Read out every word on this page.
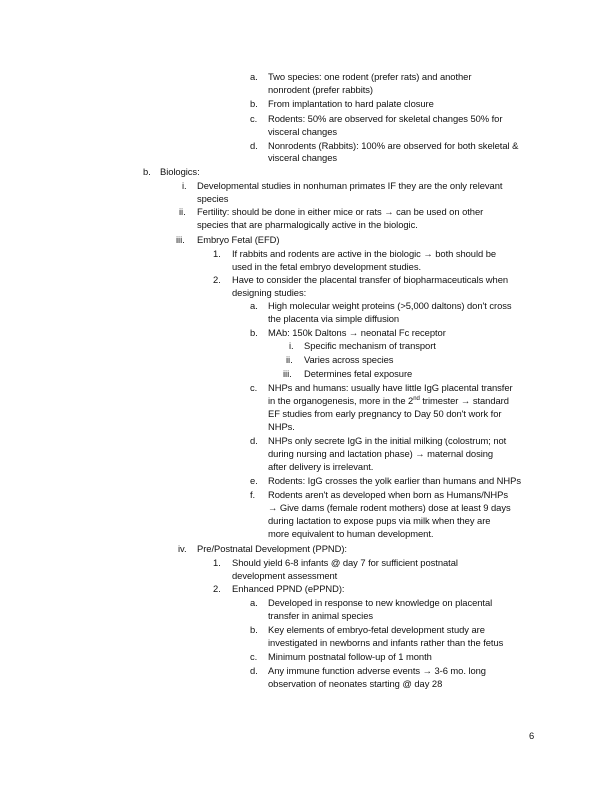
a. Two species: one rodent (prefer rats) and another
nonrodent (prefer rabbits)
b. From implantation to hard palate closure
c. Rodents: 50% are observed for skeletal changes 50% for
visceral changes
d. Nonrodents (Rabbits): 100% are observed for both skeletal &
visceral changes
b. Biologics:
i. Developmental studies in nonhuman primates IF they are the only relevant
species
ii. Fertility: should be done in either mice or rats → can be used on other
species that are pharmalogically active in the biologic.
iii. Embryo Fetal (EFD)
1. If rabbits and rodents are active in the biologic → both should be
used in the fetal embryo development studies.
2. Have to consider the placental transfer of biopharmaceuticals when
designing studies:
a. High molecular weight proteins (>5,000 daltons) don't cross
the placenta via simple diffusion
b. MAb: 150k Daltons → neonatal Fc receptor
i. Specific mechanism of transport
ii. Varies across species
iii. Determines fetal exposure
c. NHPs and humans: usually have little IgG placental transfer
in the organogenesis, more in the 2nd trimester → standard
EF studies from early pregnancy to Day 50 don't work for
NHPs.
d. NHPs only secrete IgG in the initial milking (colostrum; not
during nursing and lactation phase) → maternal dosing
after delivery is irrelevant.
e. Rodents: IgG crosses the yolk earlier than humans and NHPs
f. Rodents aren't as developed when born as Humans/NHPs
→ Give dams (female rodent mothers) dose at least 9 days
during lactation to expose pups via milk when they are
more equivalent to human development.
iv. Pre/Postnatal Development (PPND):
1. Should yield 6-8 infants @ day 7 for sufficient postnatal
development assessment
2. Enhanced PPND (ePPND):
a. Developed in response to new knowledge on placental
transfer in animal species
b. Key elements of embryo-fetal development study are
investigated in newborns and infants rather than the fetus
c. Minimum postnatal follow-up of 1 month
d. Any immune function adverse events → 3-6 mo. long
observation of neonates starting @ day 28
6
